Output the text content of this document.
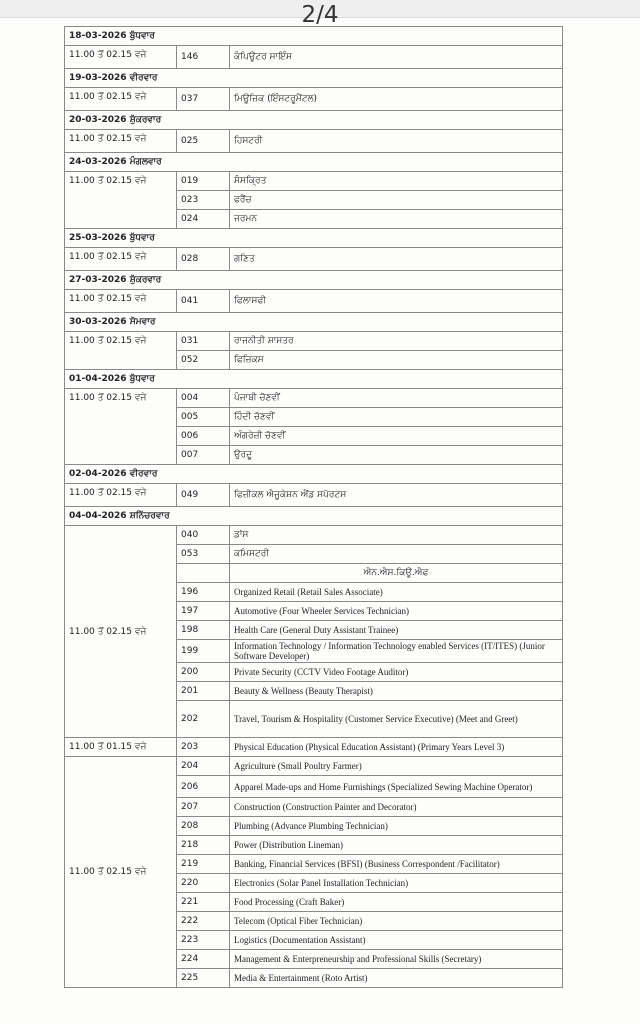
2/4
18-03-2026 ਬੁੱਧਵਾਰ		
11.00 ਤੋਂ 02.15 ਵਜੇ	146	ਕੰਪਿਊਟਰ ਸਾਇੰਸ
19-03-2026 ਵੀਰਵਾਰ		
11.00 ਤੋਂ 02.15 ਵਜੇ	037	ਮਿਊਜ਼ਿਕ (ਇੰਸਟਰੂਮੈਂਟਲ)
20-03-2026 ਸ਼ੁੱਕਰਵਾਰ		
11.00 ਤੋਂ 02.15 ਵਜੇ	025	ਹਿਸਟਰੀ
24-03-2026 ਮੰਗਲਵਾਰ		
11.00 ਤੋਂ 02.15 ਵਜੇ	019	ਸੰਸਕ੍ਰਿਤ
	023	ਫਰੈਂਚ
	024	ਜਰਮਨ
25-03-2026 ਬੁੱਧਵਾਰ		
11.00 ਤੋਂ 02.15 ਵਜੇ	028	ਗਣਿਤ
27-03-2026 ਸ਼ੁੱਕਰਵਾਰ		
11.00 ਤੋਂ 02.15 ਵਜੇ	041	ਫਿਲਾਸਫੀ
30-03-2026 ਸੋਮਵਾਰ		
11.00 ਤੋਂ 02.15 ਵਜੇ	031	ਰਾਜਨੀਤੀ ਸ਼ਾਸਤਰ
	052	ਫਿਜ਼ਿਕਸ
01-04-2026 ਬੁੱਧਵਾਰ		
11.00 ਤੋਂ 02.15 ਵਜੇ	004	ਪੰਜਾਬੀ ਚੋਣਵੀਂ
	005	ਹਿੰਦੀ ਚੋਣਵੀਂ
	006	ਅੰਗਰੇਜ਼ੀ ਚੋਣਵੀਂ
	007	ਉਰਦੂ
02-04-2026 ਵੀਰਵਾਰ		
11.00 ਤੋਂ 02.15 ਵਜੇ	049	ਫਿਜ਼ੀਕਲ ਐਜੂਕੇਸ਼ਨ ਐਂਡ ਸਪੋਰਟਸ
04-04-2026 ਸ਼ਨਿੱਚਰਵਾਰ		
11.00 ਤੋਂ 02.15 ਵਜੇ	040	ਡਾਂਸ
	053	ਕਮਿਸਟਰੀ
		ਐਨ.ਐਸ.ਕਿਊ.ਐਫ
	196	Organized Retail (Retail Sales Associate)
	197	Automotive (Four Wheeler Services Technician)
	198	Health Care (General Duty Assistant Trainee)
	199	Information Technology / Information Technology enabled Services (IT/ITES) (Junior Software Developer)
	200	Private Security (CCTV Video Footage Auditor)
	201	Beauty & Wellness (Beauty Therapist)
	202	Travel, Tourism & Hospitality (Customer Service Executive) (Meet and Greet)
11.00 ਤੋਂ 01.15 ਵਜੇ	203	Physical Education (Physical Education Assistant) (Primary Years Level 3)
11.00 ਤੋਂ 02.15 ਵਜੇ	204	Agriculture (Small Poultry Farmer)
	206	Apparel Made-ups and Home Furnishings (Specialized Sewing Machine Operator)
	207	Construction (Construction Painter and Decorator)
	208	Plumbing (Advance Plumbing Technician)
	218	Power (Distribution Lineman)
	219	Banking, Financial Services (BFSI) (Business Correspondent /Facilitator)
	220	Electronics (Solar Panel Installation Technician)
	221	Food Processing (Craft Baker)
	222	Telecom (Optical Fiber Technician)
	223	Logistics (Documentation Assistant)
	224	Management & Enterpreneurship and Professional Skills (Secretary)
	225	Media & Entertainment (Roto Artist)
